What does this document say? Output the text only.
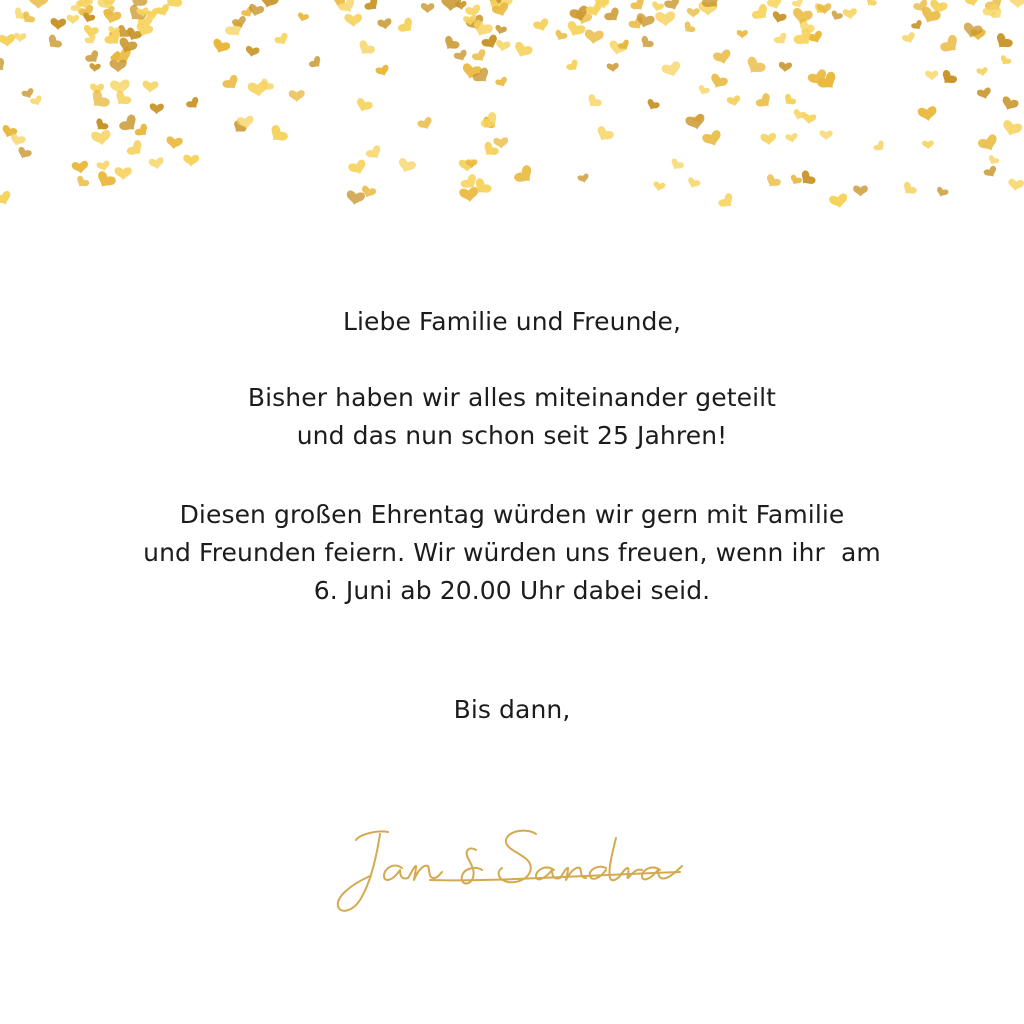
Liebe Familie und Freunde,
Bisher haben wir alles miteinander geteilt
und das nun schon seit 25 Jahren!
Diesen großen Ehrentag würden wir gern mit Familie
und Freunden feiern. Wir würden uns freuen, wenn ihr  am
6. Juni ab 20.00 Uhr dabei seid.
Bis dann,
